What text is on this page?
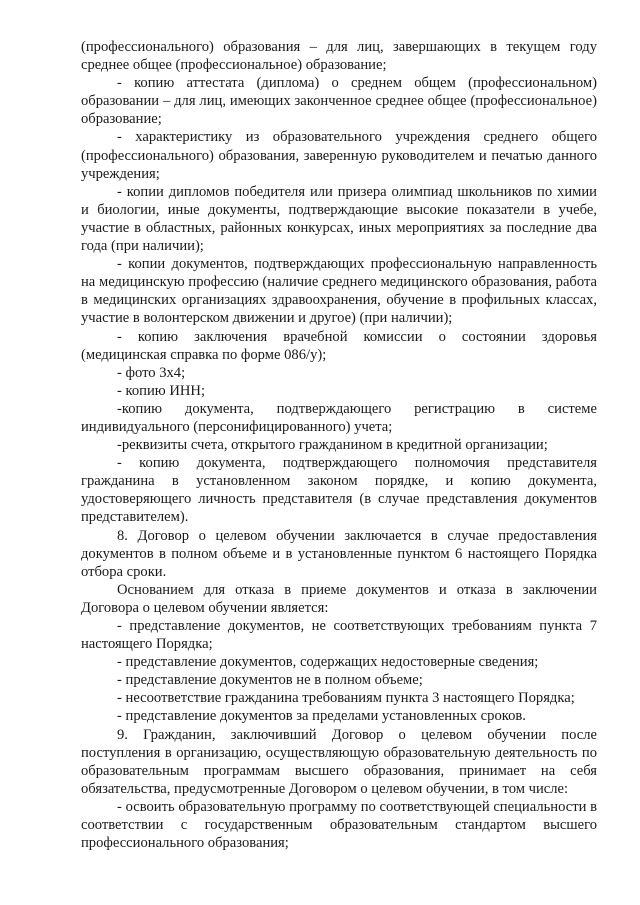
(профессионального) образования – для лиц, завершающих в текущем году среднее общее (профессиональное) образование;

- копию аттестата (диплома) о среднем общем (профессиональном) образовании – для лиц, имеющих законченное среднее общее (профессиональное) образование;

- характеристику из образовательного учреждения среднего общего (профессионального) образования, заверенную руководителем и печатью данного учреждения;

- копии дипломов победителя или призера олимпиад школьников по химии и биологии, иные документы, подтверждающие высокие показатели в учебе, участие в областных, районных конкурсах, иных мероприятиях за последние два года (при наличии);

- копии документов, подтверждающих профессиональную направленность на медицинскую профессию (наличие среднего медицинского образования, работа в медицинских организациях здравоохранения, обучение в профильных классах, участие в волонтерском движении и другое) (при наличии);

- копию заключения врачебной комиссии о состоянии здоровья (медицинская справка по форме 086/у);

- фото 3х4;

- копию ИНН;

-копию документа, подтверждающего регистрацию в системе индивидуального (персонифицированного) учета;

-реквизиты счета, открытого гражданином в кредитной организации;

- копию документа, подтверждающего полномочия представителя гражданина в установленном законом порядке, и копию документа, удостоверяющего личность представителя (в случае представления документов представителем).

8. Договор о целевом обучении заключается в случае предоставления документов в полном объеме и в установленные пунктом 6 настоящего Порядка отбора сроки.

Основанием для отказа в приеме документов и отказа в заключении Договора о целевом обучении является:

- представление документов, не соответствующих требованиям пункта 7 настоящего Порядка;

- представление документов, содержащих недостоверные сведения;

- представление документов не в полном объеме;

- несоответствие гражданина требованиям пункта 3 настоящего Порядка;

- представление документов за пределами установленных сроков.

9. Гражданин, заключивший Договор о целевом обучении после поступления в организацию, осуществляющую образовательную деятельность по образовательным программам высшего образования, принимает на себя обязательства, предусмотренные Договором о целевом обучении, в том числе:

- освоить образовательную программу по соответствующей специальности в соответствии с государственным образовательным стандартом высшего профессионального образования;
